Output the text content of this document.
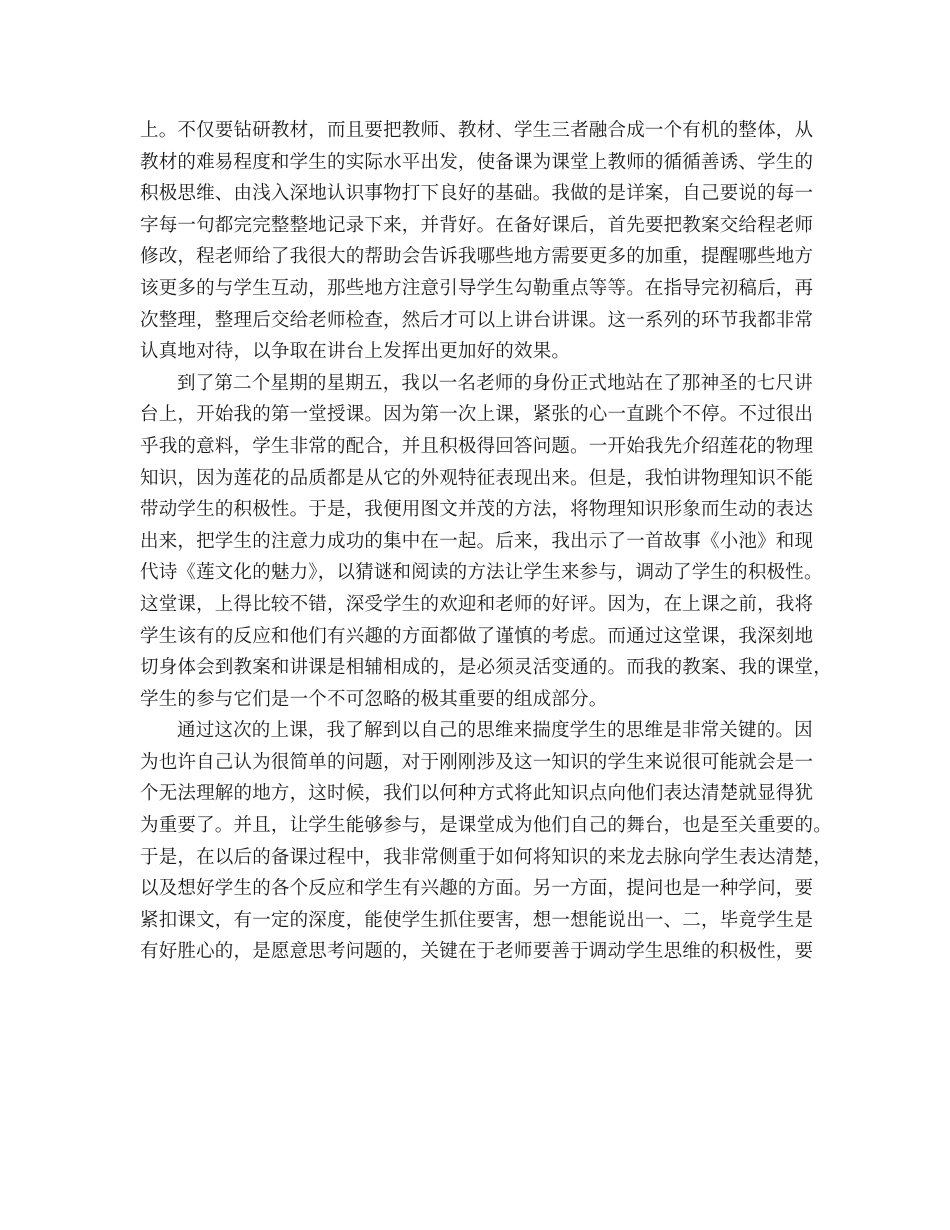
上。不仅要钻研教材，而且要把教师、教材、学生三者融合成一个有机的整体，从
教材的难易程度和学生的实际水平出发，使备课为课堂上教师的循循善诱、学生的
积极思维、由浅入深地认识事物打下良好的基础。我做的是详案，自己要说的每一
字每一句都完完整整地记录下来，并背好。在备好课后，首先要把教案交给程老师
修改，程老师给了我很大的帮助会告诉我哪些地方需要更多的加重，提醒哪些地方
该更多的与学生互动，那些地方注意引导学生勾勒重点等等。在指导完初稿后，再
次整理，整理后交给老师检查，然后才可以上讲台讲课。这一系列的环节我都非常
认真地对待，以争取在讲台上发挥出更加好的效果。
到了第二个星期的星期五，我以一名老师的身份正式地站在了那神圣的七尺讲
台上，开始我的第一堂授课。因为第一次上课，紧张的心一直跳个不停。不过很出
乎我的意料，学生非常的配合，并且积极得回答问题。一开始我先介绍莲花的物理
知识，因为莲花的品质都是从它的外观特征表现出来。但是，我怕讲物理知识不能
带动学生的积极性。于是，我便用图文并茂的方法，将物理知识形象而生动的表达
出来，把学生的注意力成功的集中在一起。后来，我出示了一首故事《小池》和现
代诗《莲文化的魅力》，以猜谜和阅读的方法让学生来参与，调动了学生的积极性。
这堂课，上得比较不错，深受学生的欢迎和老师的好评。因为，在上课之前，我将
学生该有的反应和他们有兴趣的方面都做了谨慎的考虑。而通过这堂课，我深刻地
切身体会到教案和讲课是相辅相成的，是必须灵活变通的。而我的教案、我的课堂，
学生的参与它们是一个不可忽略的极其重要的组成部分。
通过这次的上课，我了解到以自己的思维来揣度学生的思维是非常关键的。因
为也许自己认为很简单的问题，对于刚刚涉及这一知识的学生来说很可能就会是一
个无法理解的地方，这时候，我们以何种方式将此知识点向他们表达清楚就显得犹
为重要了。并且，让学生能够参与，是课堂成为他们自己的舞台，也是至关重要的。
于是，在以后的备课过程中，我非常侧重于如何将知识的来龙去脉向学生表达清楚，
以及想好学生的各个反应和学生有兴趣的方面。另一方面，提问也是一种学问，要
紧扣课文，有一定的深度，能使学生抓住要害，想一想能说出一、二，毕竟学生是
有好胜心的，是愿意思考问题的，关键在于老师要善于调动学生思维的积极性，要
